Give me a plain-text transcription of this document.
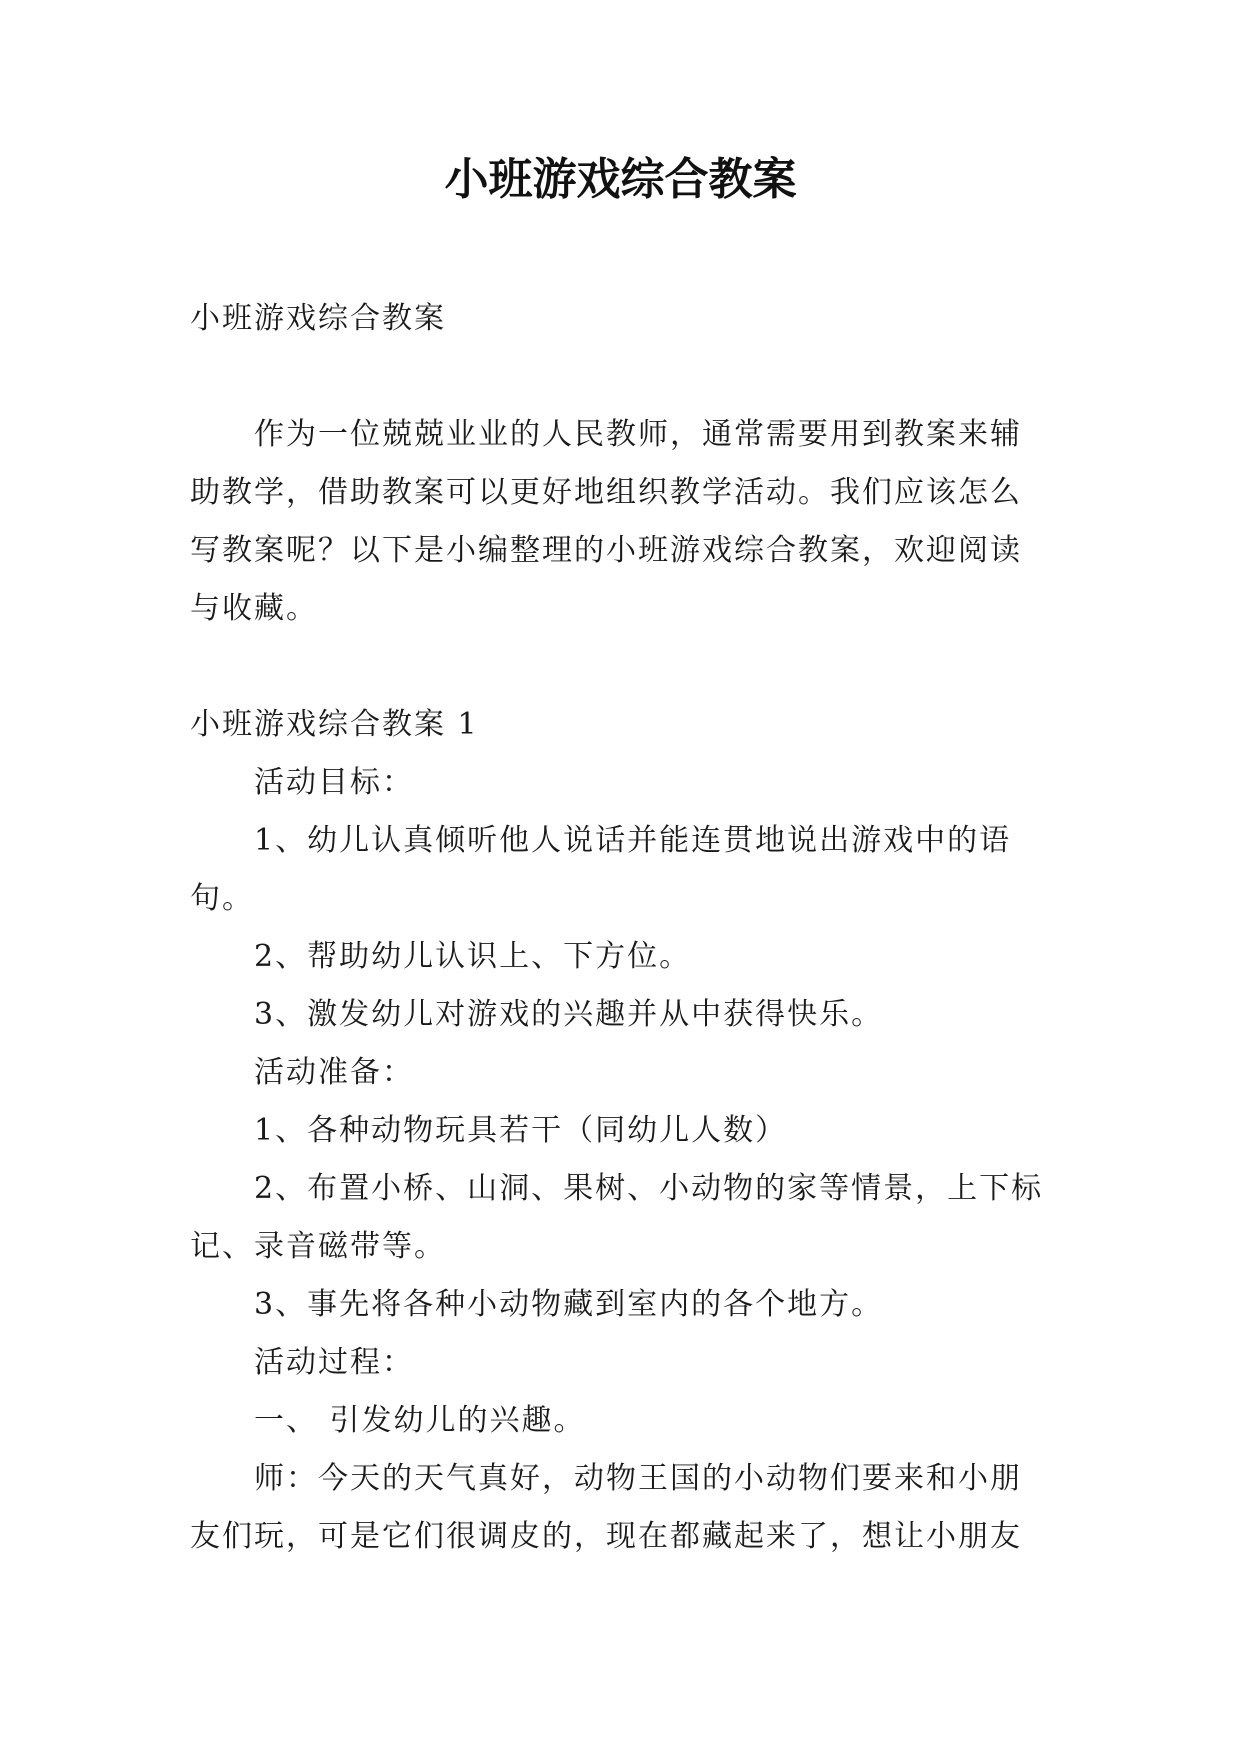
小班游戏综合教案

小班游戏综合教案

作为一位兢兢业业的人民教师，通常需要用到教案来辅助教学，借助教案可以更好地组织教学活动。我们应该怎么写教案呢？以下是小编整理的小班游戏综合教案，欢迎阅读与收藏。

小班游戏综合教案 1

活动目标：

1、幼儿认真倾听他人说话并能连贯地说出游戏中的语句。

2、帮助幼儿认识上、下方位。

3、激发幼儿对游戏的兴趣并从中获得快乐。

活动准备：

1、各种动物玩具若干（同幼儿人数）

2、布置小桥、山洞、果树、小动物的家等情景，上下标记、录音磁带等。

3、事先将各种小动物藏到室内的各个地方。

活动过程：

一、 引发幼儿的兴趣。

师：今天的天气真好，动物王国的小动物们要来和小朋友们玩，可是它们很调皮的，现在都藏起来了，想让小朋友
